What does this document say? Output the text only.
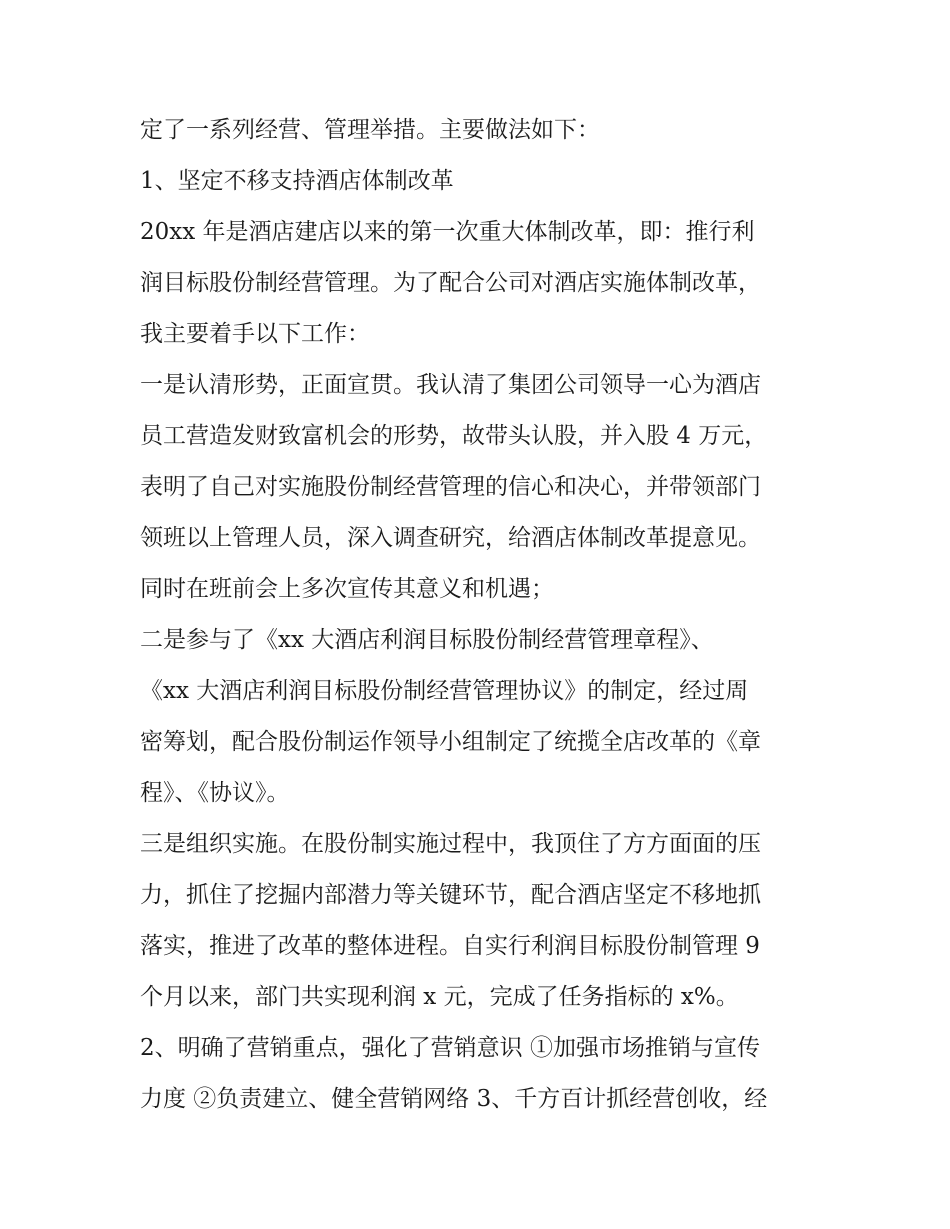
定了一系列经营、管理举措。主要做法如下：
1、坚定不移支持酒店体制改革
20xx 年是酒店建店以来的第一次重大体制改革，即：推行利
润目标股份制经营管理。为了配合公司对酒店实施体制改革，
我主要着手以下工作：
一是认清形势，正面宣贯。我认清了集团公司领导一心为酒店
员工营造发财致富机会的形势，故带头认股，并入股 4 万元，
表明了自己对实施股份制经营管理的信心和决心，并带领部门
领班以上管理人员，深入调查研究，给酒店体制改革提意见。
同时在班前会上多次宣传其意义和机遇；
二是参与了《xx 大酒店利润目标股份制经营管理章程》、
《xx 大酒店利润目标股份制经营管理协议》的制定，经过周
密筹划，配合股份制运作领导小组制定了统揽全店改革的《章
程》、《协议》。
三是组织实施。在股份制实施过程中，我顶住了方方面面的压
力，抓住了挖掘内部潜力等关键环节，配合酒店坚定不移地抓
落实，推进了改革的整体进程。自实行利润目标股份制管理 9
个月以来，部门共实现利润 x 元，完成了任务指标的 x%。
2、明确了营销重点，强化了营销意识 ①加强市场推销与宣传
力度 ②负责建立、健全营销网络 3、千方百计抓经营创收，经
